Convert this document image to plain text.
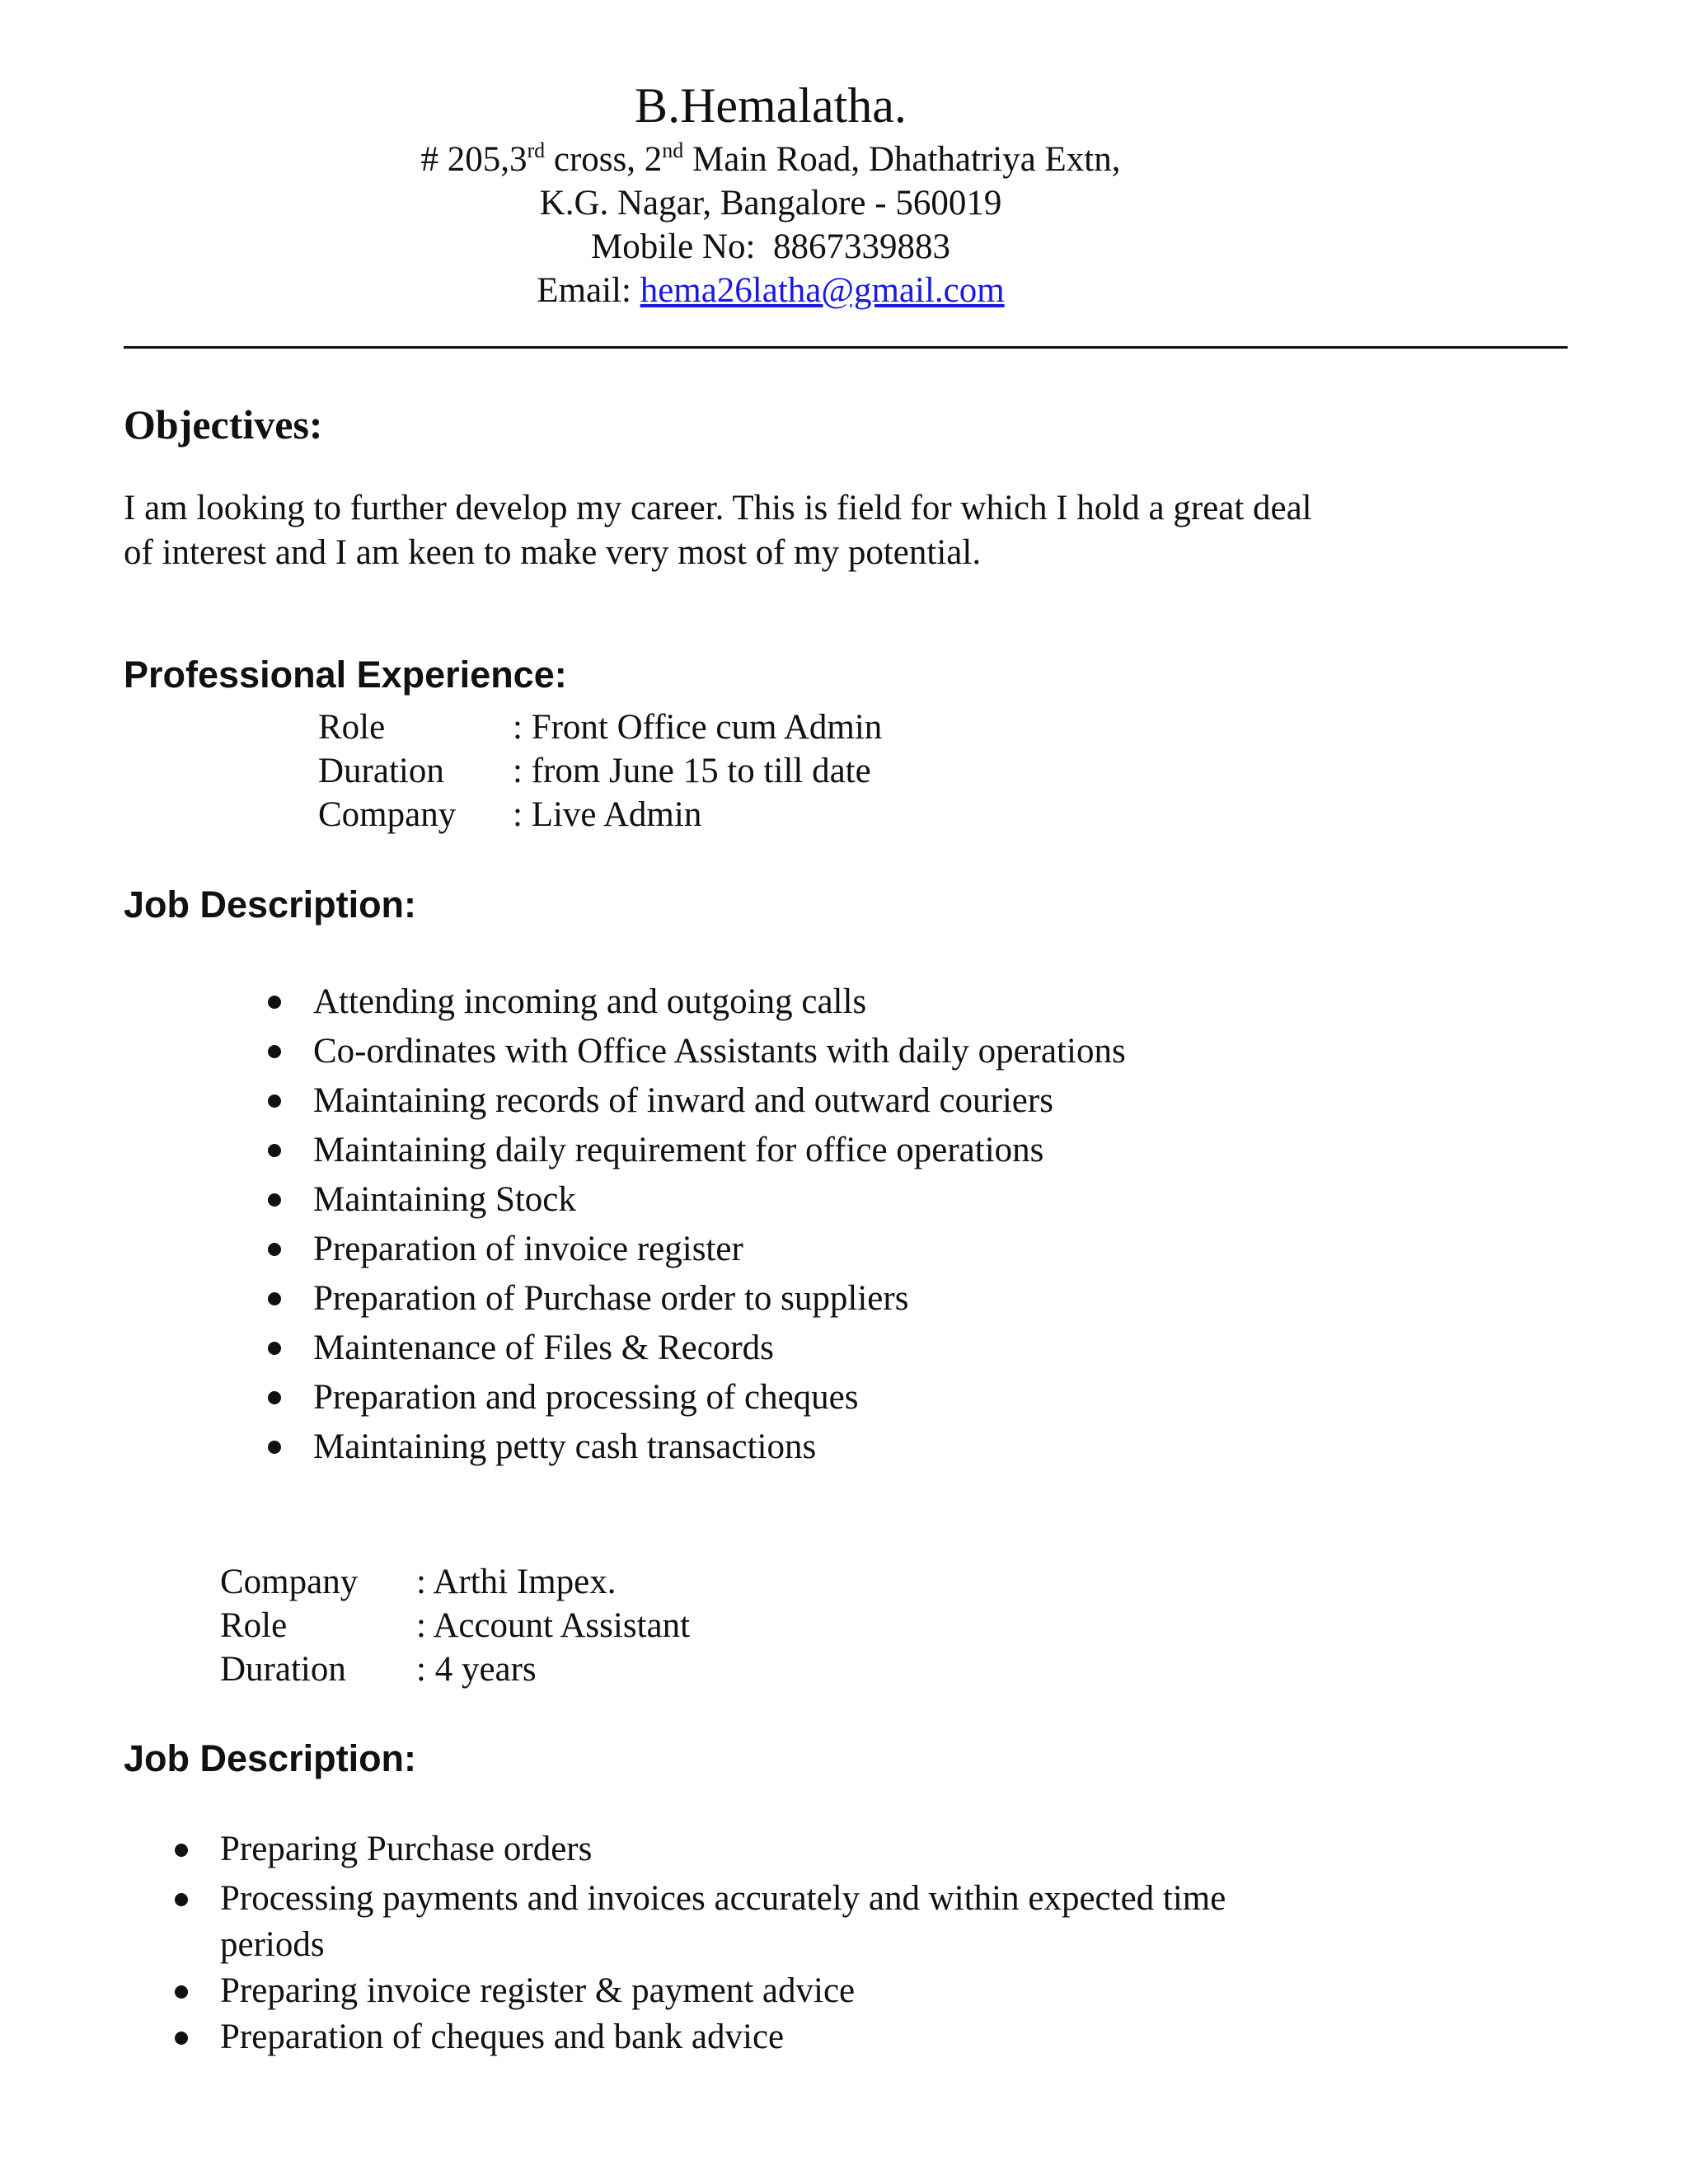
B.Hemalatha.
# 205,3rd cross, 2nd Main Road, Dhathatriya Extn,
K.G. Nagar, Bangalore - 560019
Mobile No:  8867339883
Email: hema26latha@gmail.com
Objectives:
I am looking to further develop my career. This is field for which I hold a great deal
of interest and I am keen to make very most of my potential.
Professional Experience:
Role	: Front Office cum Admin
Duration	: from June 15 to till date
Company	: Live Admin
Job Description:
Attending incoming and outgoing calls
Co-ordinates with Office Assistants with daily operations
Maintaining records of inward and outward couriers
Maintaining daily requirement for office operations
Maintaining Stock
Preparation of invoice register
Preparation of Purchase order to suppliers
Maintenance of Files & Records
Preparation and processing of cheques
Maintaining petty cash transactions
Company	: Arthi Impex.
Role	: Account Assistant
Duration	: 4 years
Job Description:
Preparing Purchase orders
Processing payments and invoices accurately and within expected time
periods
Preparing invoice register & payment advice
Preparation of cheques and bank advice
